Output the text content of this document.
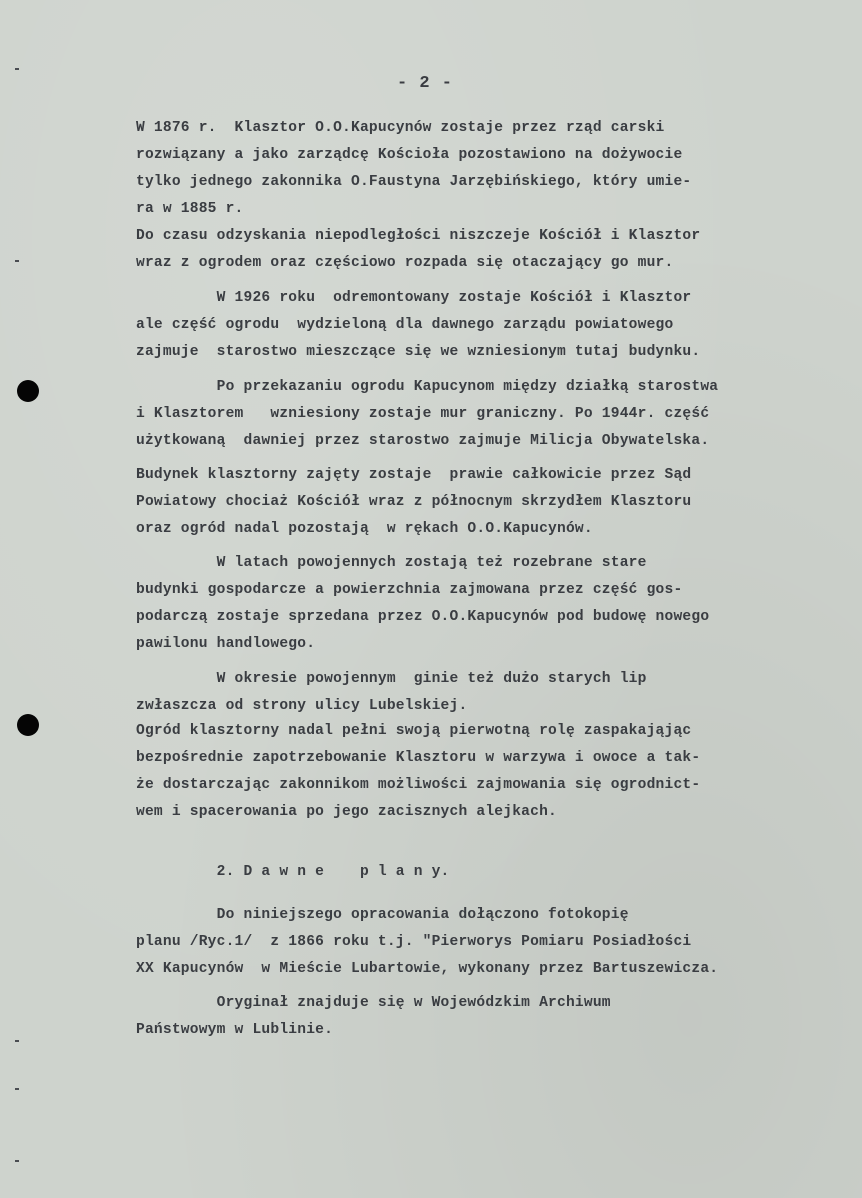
- 2 -
W 1876 r.  Klasztor O.O.Kapucynów zostaje przez rząd carski
rozwiązany a jako zarządcę Kościoła pozostawiono na dożywocie
tylko jednego zakonnika O.Faustyna Jarzębińskiego, który umie-
ra w 1885 r.
Do czasu odzyskania niepodległości niszczeje Kościół i Klasztor
wraz z ogrodem oraz częściowo rozpada się otaczający go mur.
W 1926 roku  odremontowany zostaje Kościół i Klasztor
ale część ogrodu  wydzieloną dla dawnego zarządu powiatowego
zajmuje  starostwo mieszczące się we wzniesionym tutaj budynku.
Po przekazaniu ogrodu Kapucynom między działką starostwa
i Klasztorem   wzniesiony zostaje mur graniczny. Po 1944r. część
użytkowaną  dawniej przez starostwo zajmuje Milicja Obywatelska.
Budynek klasztorny zajęty zostaje  prawie całkowicie przez Sąd
Powiatowy chociaż Kościół wraz z północnym skrzydłem Klasztoru
oraz ogród nadal pozostają  w rękach O.O.Kapucynów.
W latach powojennych zostają też rozebrane stare
budynki gospodarcze a powierzchnia zajmowana przez część gos-
podarczą zostaje sprzedana przez O.O.Kapucynów pod budowę nowego
pawilonu handlowego.
W okresie powojennym  ginie też dużo starych lip
zwłaszcza od strony ulicy Lubelskiej.
Ogród klasztorny nadal pełni swoją pierwotną rolę zaspakająjąc
bezpośrednie zapotrzebowanie Klasztoru w warzywa i owoce a tak-
że dostarczając zakonnikom możliwości zajmowania się ogrodnict-
wem i spacerowania po jego zacisznych alejkach.
2. D a w n e    p l a n y.
Do niniejszego opracowania dołączono fotokopię
planu /Ryc.1/  z 1866 roku t.j. "Pierworys Pomiaru Posiadłości
XX Kapucynów  w Mieście Lubartowie, wykonany przez Bartuszewicza.
Oryginał znajduje się w Wojewódzkim Archiwum
Państwowym w Lublinie.
